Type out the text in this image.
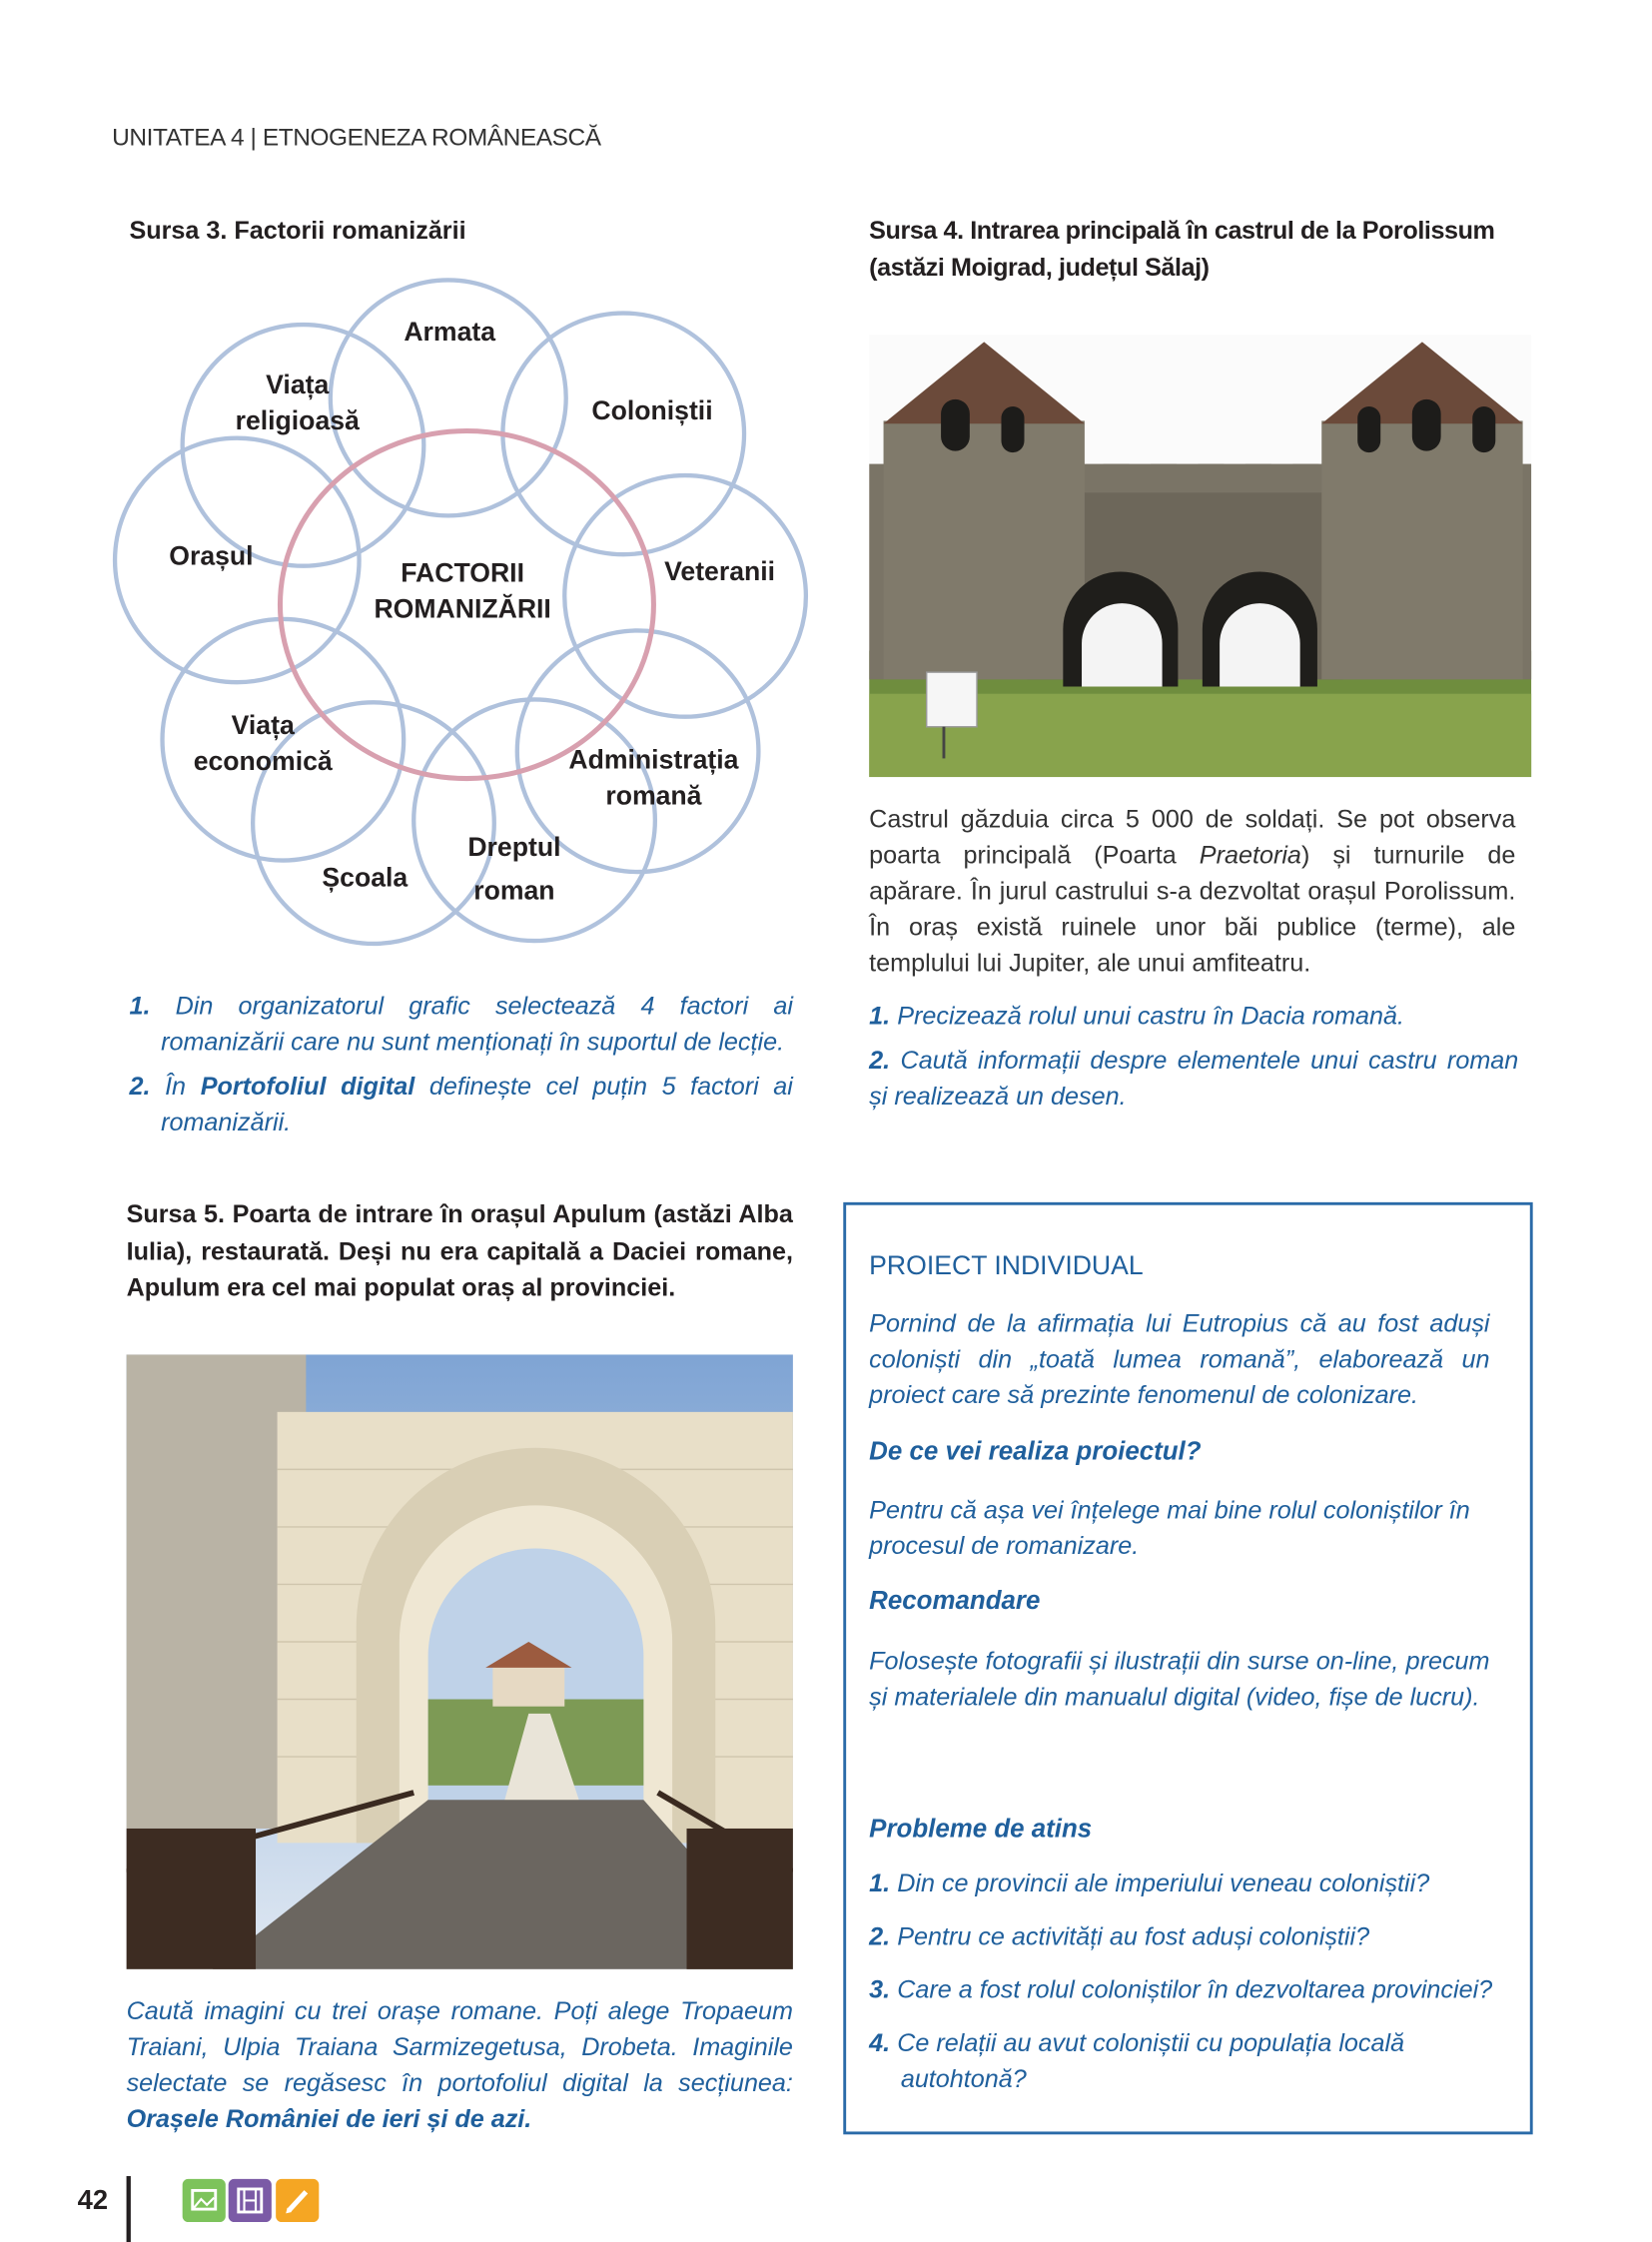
UNITATEA 4 | ETNOGENEZA ROMÂNEASCĂ
Sursa 3. Factorii romanizării
Armata
Viața
religioasă	Coloniștii
Orașul
Veteranii
Viața
economică	Administrația
romană
Școala
Dreptul
roman
FACTORII
ROMANIZĂRII

1. Din organizatorul grafic selectează 4 factori ai romanizării care nu sunt menționați în suportul de lecție.

2. În Portofoliul digital definește cel puțin 5 factori ai romanizării.

Sursa 4. Intrarea principală în castrul de la Porolissum (astăzi Moigrad, județul Sălaj)
Castrul găzduia circa 5 000 de soldați. Se pot observa poarta principală (Poarta Praetoria) și turnurile de apărare. În jurul castrului s-a dezvoltat orașul Porolissum. În oraș există ruinele unor băi publice (terme), ale templului lui Jupiter, ale unui amfiteatru.

1. Precizează rolul unui castru în Dacia romană.

2. Caută informații despre elementele unui castru roman și realizează un desen.

Sursa 5. Poarta de intrare în orașul Apulum (astăzi Alba Iulia), restaurată. Deși nu era capitală a Daciei romane, Apulum era cel mai populat oraș al provinciei.
Caută imagini cu trei orașe romane. Poți alege Tropaeum Traiani, Ulpia Traiana Sarmizegetusa, Drobeta. Imaginile selectate se regăsesc în portofoliul digital la secțiunea: Orașele României de ieri și de azi.
PROIECT INDIVIDUAL
Pornind de la afirmația lui Eutropius că au fost aduși coloniști din „toată lumea romană”, elaborează un proiect care să prezinte fenomenul de colonizare.
De ce vei realiza proiectul?
Pentru că așa vei înțelege mai bine rolul coloniștilor în procesul de romanizare.
Recomandare
Folosește fotografii și ilustrații din surse on-line, precum și materialele din manualul digital (video, fișe de lucru).
Probleme de atins

1. Din ce provincii ale imperiului veneau coloniștii?

2. Pentru ce activități au fost aduși coloniștii?

3. Care a fost rolul coloniștilor în dezvoltarea provinciei?

4. Ce relații au avut coloniștii cu populația locală autohtonă?

42
